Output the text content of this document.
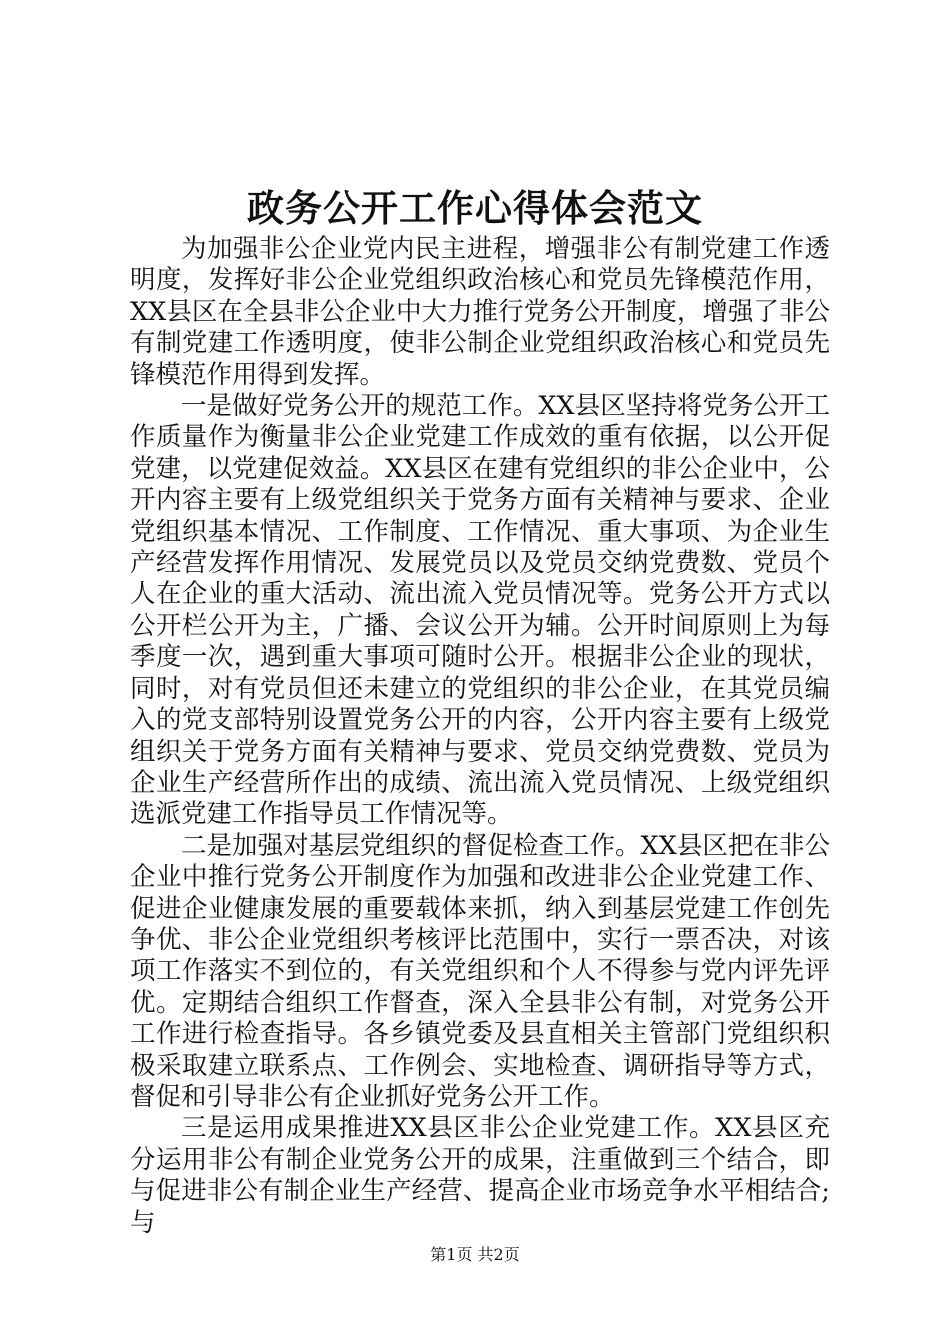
政务公开工作心得体会范文

为加强非公企业党内民主进程，增强非公有制党建工作透明度，发挥好非公企业党组织政治核心和党员先锋模范作用，XX县区在全县非公企业中大力推行党务公开制度，增强了非公有制党建工作透明度，使非公制企业党组织政治核心和党员先锋模范作用得到发挥。

一是做好党务公开的规范工作。XX县区坚持将党务公开工作质量作为衡量非公企业党建工作成效的重有依据，以公开促党建，以党建促效益。XX县区在建有党组织的非公企业中，公开内容主要有上级党组织关于党务方面有关精神与要求、企业党组织基本情况、工作制度、工作情况、重大事项、为企业生产经营发挥作用情况、发展党员以及党员交纳党费数、党员个人在企业的重大活动、流出流入党员情况等。党务公开方式以公开栏公开为主，广播、会议公开为辅。公开时间原则上为每季度一次，遇到重大事项可随时公开。根据非公企业的现状，同时，对有党员但还未建立的党组织的非公企业，在其党员编入的党支部特别设置党务公开的内容，公开内容主要有上级党组织关于党务方面有关精神与要求、党员交纳党费数、党员为企业生产经营所作出的成绩、流出流入党员情况、上级党组织选派党建工作指导员工作情况等。

二是加强对基层党组织的督促检查工作。XX县区把在非公企业中推行党务公开制度作为加强和改进非公企业党建工作、促进企业健康发展的重要载体来抓，纳入到基层党建工作创先争优、非公企业党组织考核评比范围中，实行一票否决，对该项工作落实不到位的，有关党组织和个人不得参与党内评先评优。定期结合组织工作督查，深入全县非公有制，对党务公开工作进行检查指导。各乡镇党委及县直相关主管部门党组织积极采取建立联系点、工作例会、实地检查、调研指导等方式，督促和引导非公有企业抓好党务公开工作。

三是运用成果推进XX县区非公企业党建工作。XX县区充分运用非公有制企业党务公开的成果，注重做到三个结合，即与促进非公有制企业生产经营、提高企业市场竞争水平相结合;与

第1页 共2页
